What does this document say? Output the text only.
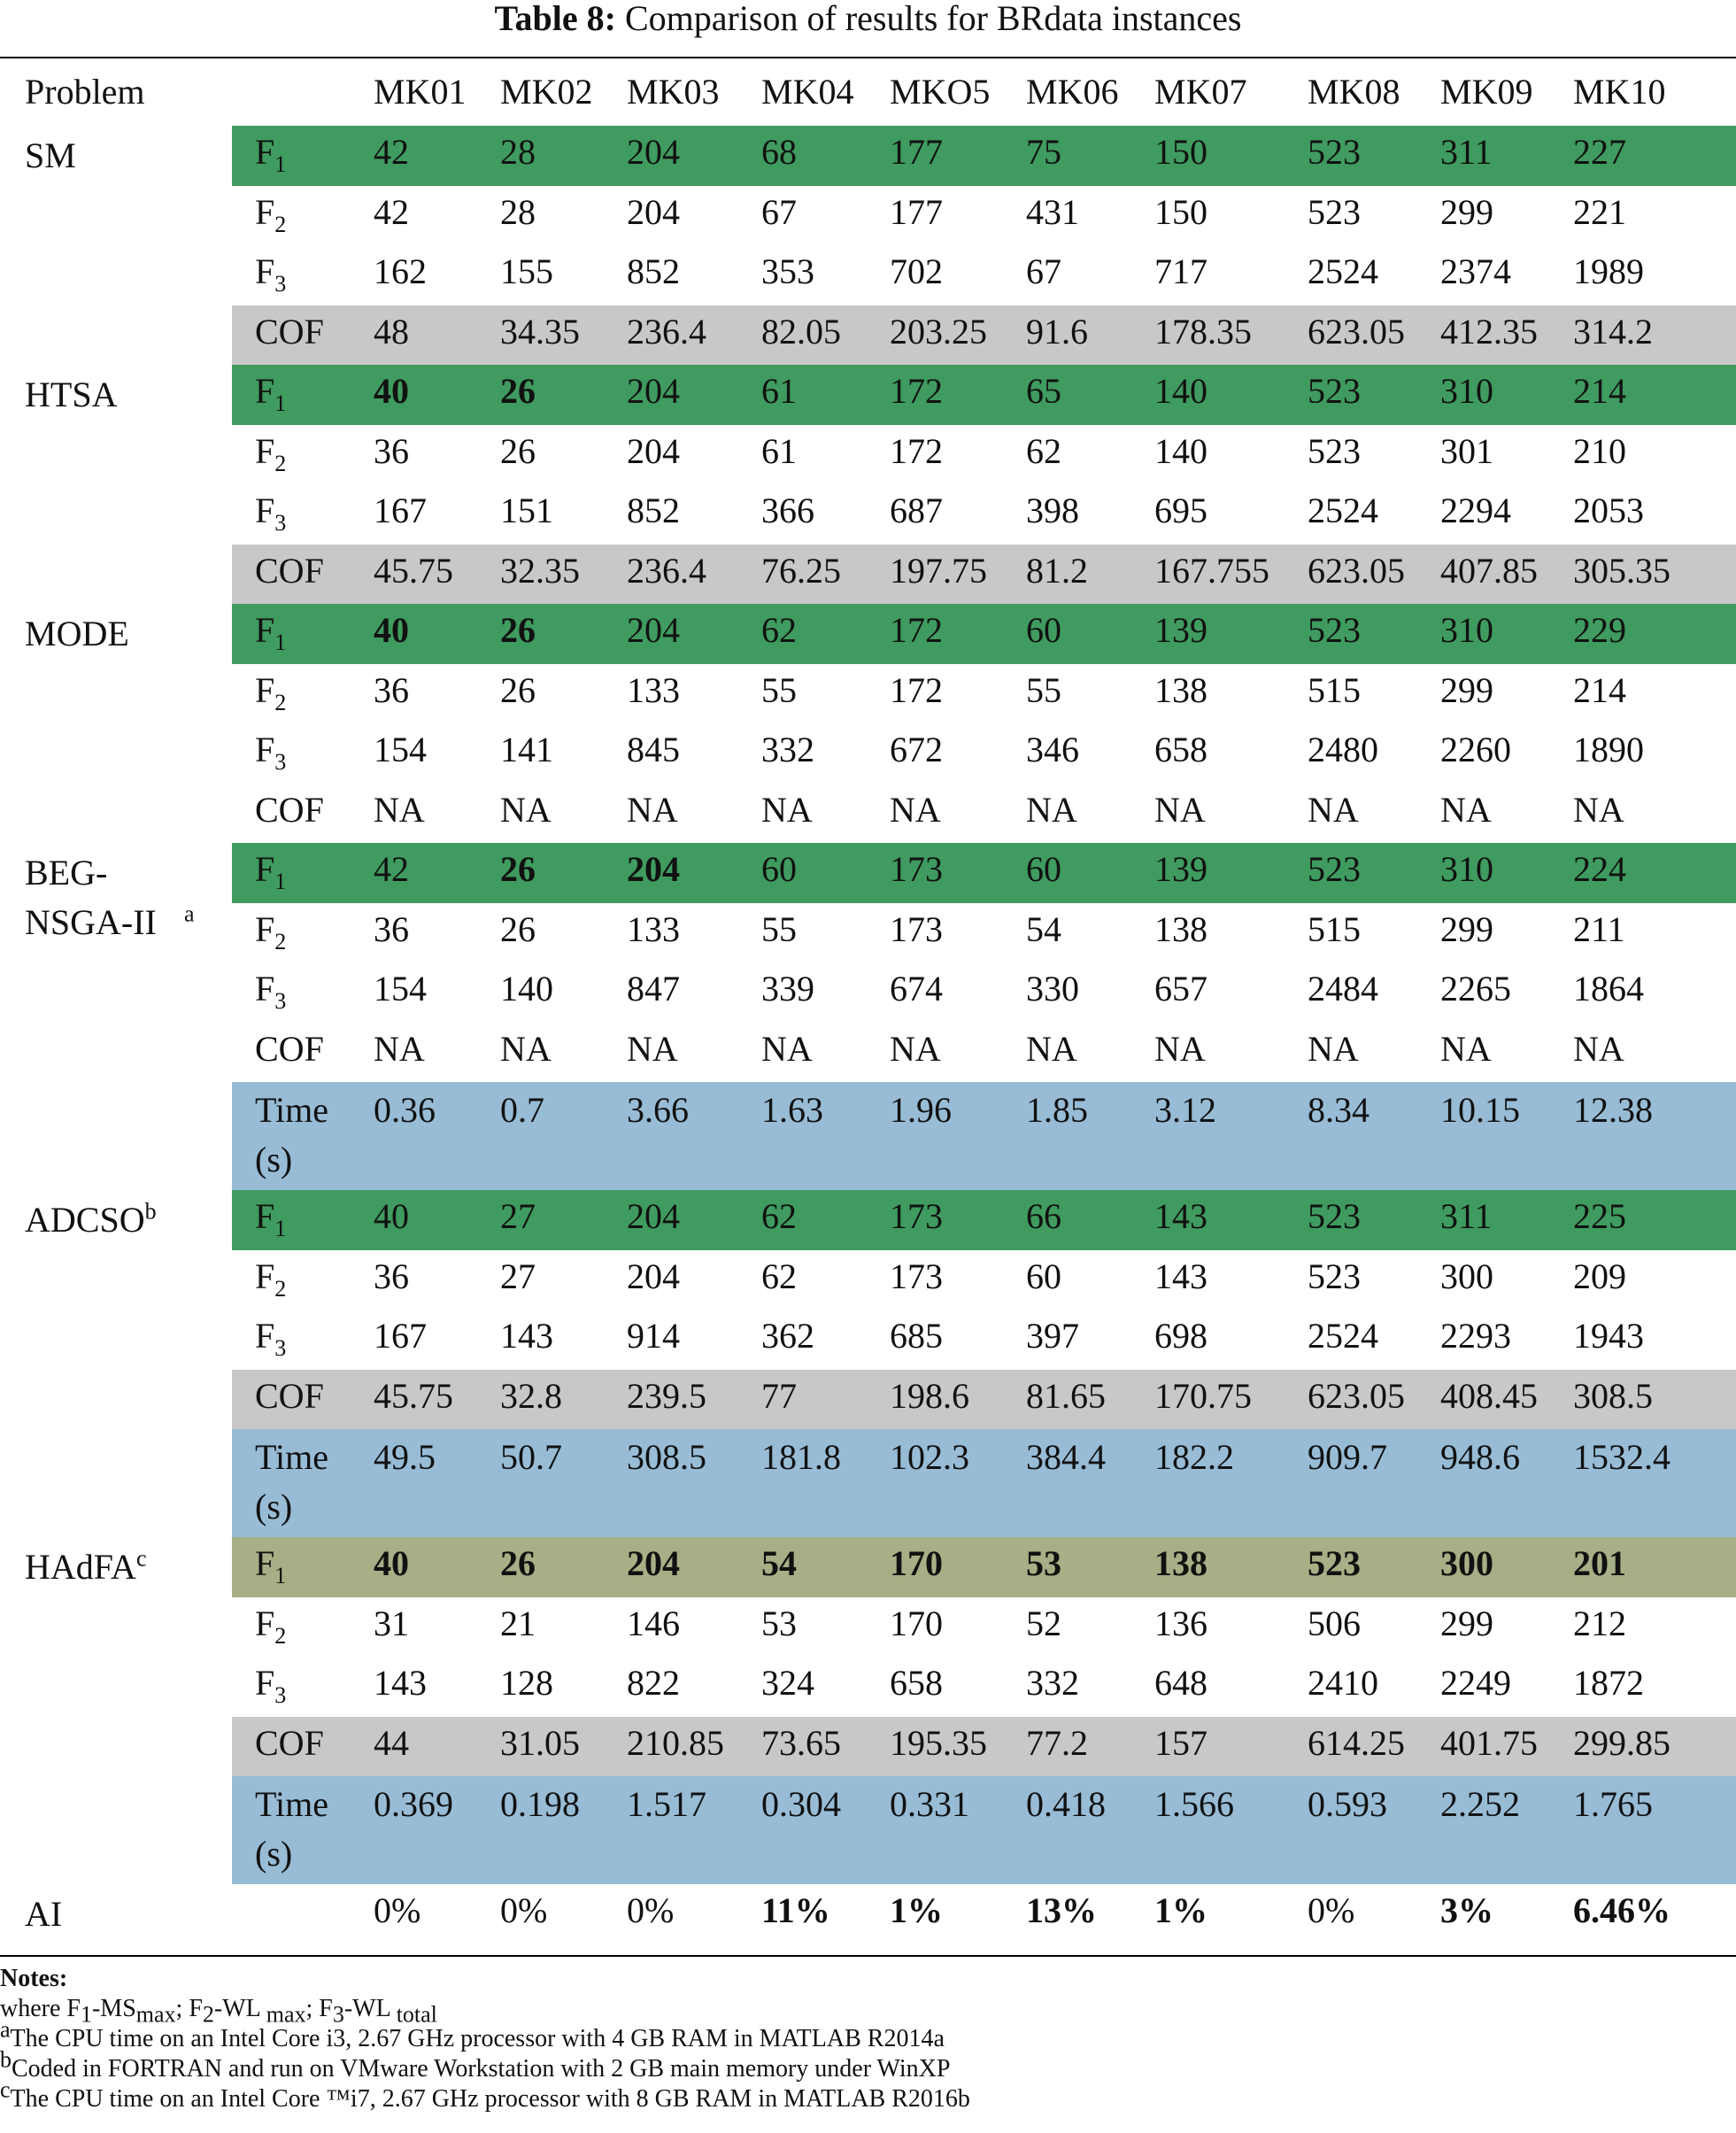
Table 8: Comparison of results for BRdata instances
Problem		MK01	MK02	MK03	MK04	MKO5	MK06	MK07	MK08	MK09	MK10
SM	$F_1$	42	28	204	68	177	75	150	523	311	227
	$F_2$	42	28	204	67	177	431	150	523	299	221
	$F_3$	162	155	852	353	702	67	717	2524	2374	1989
	COF	48	34.35	236.4	82.05	203.25	91.6	178.35	623.05	412.35	314.2
HTSA	$F_1$	40	26	204	61	172	65	140	523	310	214
	$F_2$	36	26	204	61	172	62	140	523	301	210
	$F_3$	167	151	852	366	687	398	695	2524	2294	2053
	COF	45.75	32.35	236.4	76.25	197.75	81.2	167.755	623.05	407.85	305.35
MODE	$F_1$	40	26	204	62	172	60	139	523	310	229
	$F_2$	36	26	133	55	172	55	138	515	299	214
	$F_3$	154	141	845	332	672	346	658	2480	2260	1890
	COF	NA	NA	NA	NA	NA	NA	NA	NA	NA	NA
BEG-NSGA-II $^a$	$F_1$	42	26	204	60	173	60	139	523	310	224
	$F_2$	36	26	133	55	173	54	138	515	299	211
	$F_3$	154	140	847	339	674	330	657	2484	2265	1864
	COF	NA	NA	NA	NA	NA	NA	NA	NA	NA	NA
	Time (s)	0.36	0.7	3.66	1.63	1.96	1.85	3.12	8.34	10.15	12.38
ADCSO$^b$	$F_1$	40	27	204	62	173	66	143	523	311	225
	$F_2$	36	27	204	62	173	60	143	523	300	209
	$F_3$	167	143	914	362	685	397	698	2524	2293	1943
	COF	45.75	32.8	239.5	77	198.6	81.65	170.75	623.05	408.45	308.5
	Time (s)	49.5	50.7	308.5	181.8	102.3	384.4	182.2	909.7	948.6	1532.4
HAdFA$^c$	$F_1$	40	26	204	54	170	53	138	523	300	201
	$F_2$	31	21	146	53	170	52	136	506	299	212
	$F_3$	143	128	822	324	658	332	648	2410	2249	1872
	COF	44	31.05	210.85	73.65	195.35	77.2	157	614.25	401.75	299.85
	Time (s)	0.369	0.198	1.517	0.304	0.331	0.418	1.566	0.593	2.252	1.765
AI		0%	0%	0%	11%	1%	13%	1%	0%	3%	6.46%
Notes:
where $F_1-MS_{max}$; $F_2-WL$ $_{max}$; $F_3-WL$ $_{total}$
$^a$The CPU time on an Intel Core i3, 2.67 GHz processor with 4 GB RAM in MATLAB R2014a
$^b$Coded in FORTRAN and run on VMware Workstation with 2 GB main memory under WinXP
$^c$The CPU time on an Intel Core ™i7, 2.67 GHz processor with 8 GB RAM in MATLAB R2016b
